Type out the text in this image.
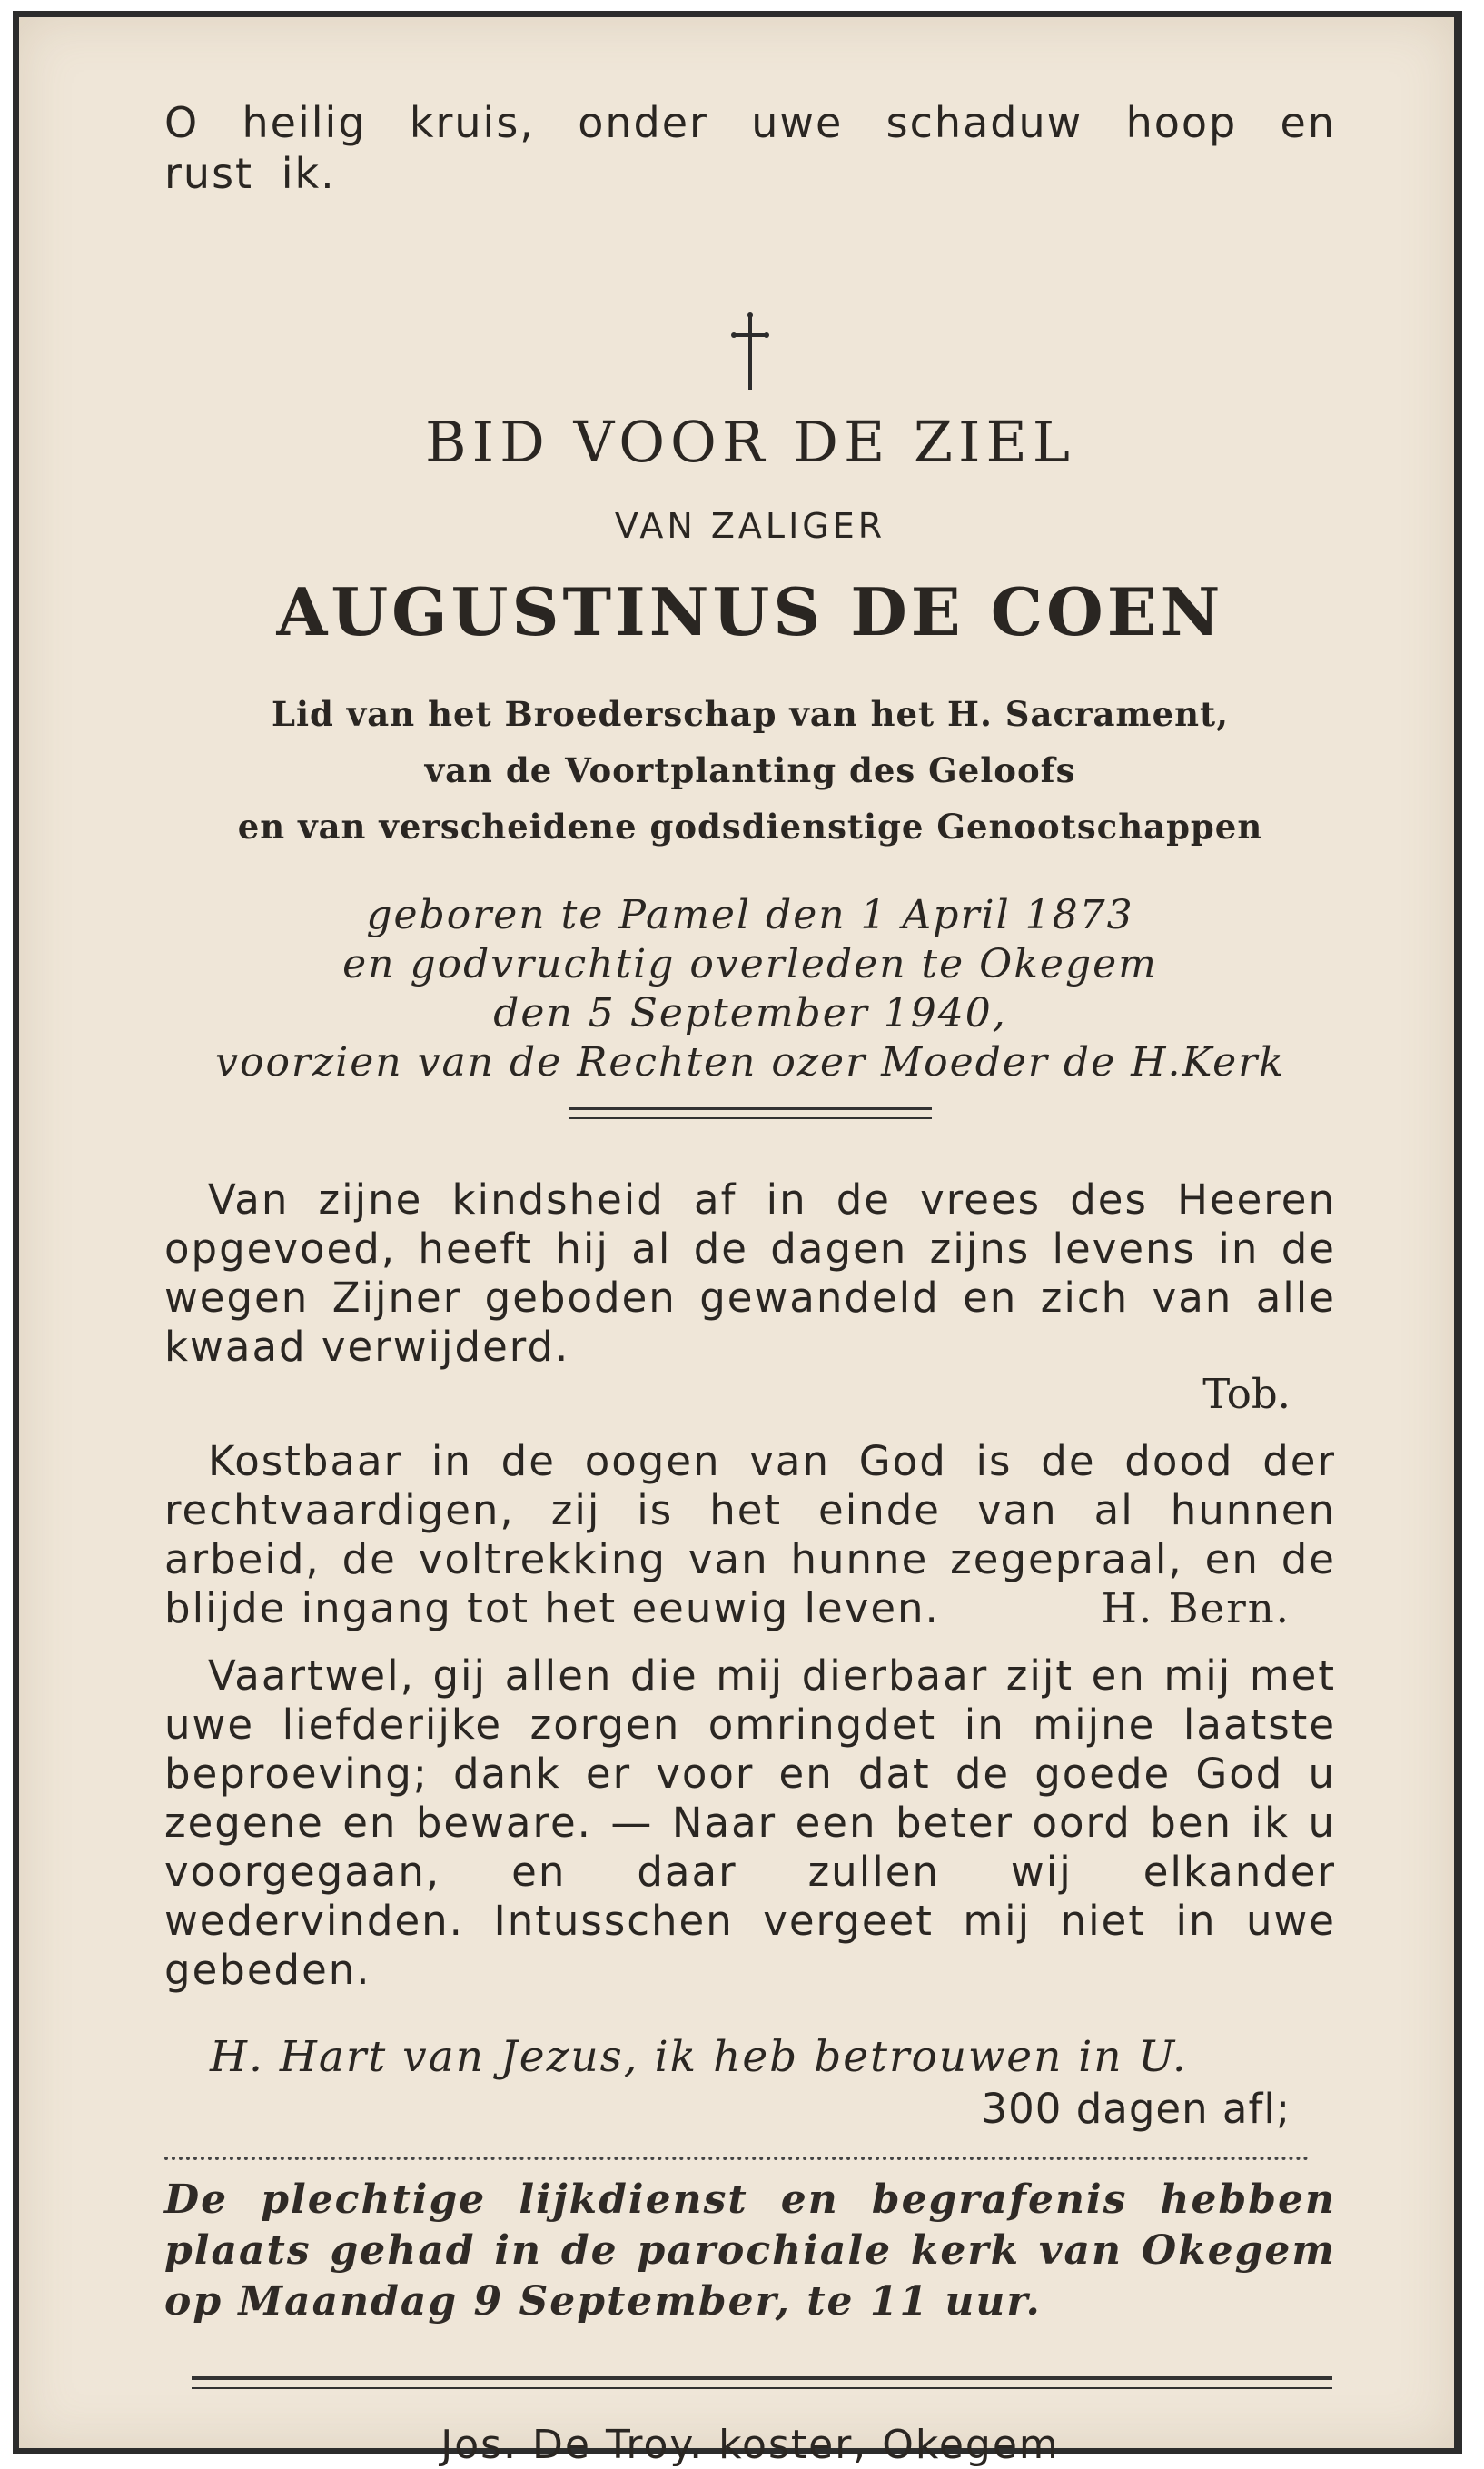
O heilig kruis, onder uwe schaduw hoop en rust ik.

BID VOOR DE ZIEL
VAN ZALIGER
AUGUSTINUS DE COEN
Lid van het Broederschap van het H. Sacrament,
van de Voortplanting des Geloofs
en van verscheidene godsdienstige Genootschappen
geboren te Pamel den 1 April 1873
en godvruchtig overleden te Okegem
den 5 September 1940,
voorzien van de Rechten ozer Moeder de H.Kerk

Van zijne kindsheid af in de vrees des Heeren opgevoed, heeft hij al de dagen zijns levens in de wegen Zijner geboden gewandeld en zich van alle kwaad verwijderd.

Tob.

Kostbaar in de oogen van God is de dood der rechtvaardigen, zij is het einde van al hunnen arbeid, de voltrekking van hunne zegepraal, en de blijde ingang tot het eeuwig leven.	H. Bern.

Vaartwel, gij allen die mij dierbaar zijt en mij met uwe liefderijke zorgen omringdet in mijne laatste beproeving; dank er voor en dat de goede God u zegene en beware. — Naar een beter oord ben ik u voorgegaan, en daar zullen wij elkander wedervinden. Intusschen vergeet mij niet in uwe gebeden.

H. Hart van Jezus, ik heb betrouwen in U.
300 dagen afl;
De plechtige lijkdienst en begrafenis hebben plaats gehad in de parochiale kerk van Okegem op Maandag 9 September, te 11 uur.
Jos. De Troy. koster, Okegem
